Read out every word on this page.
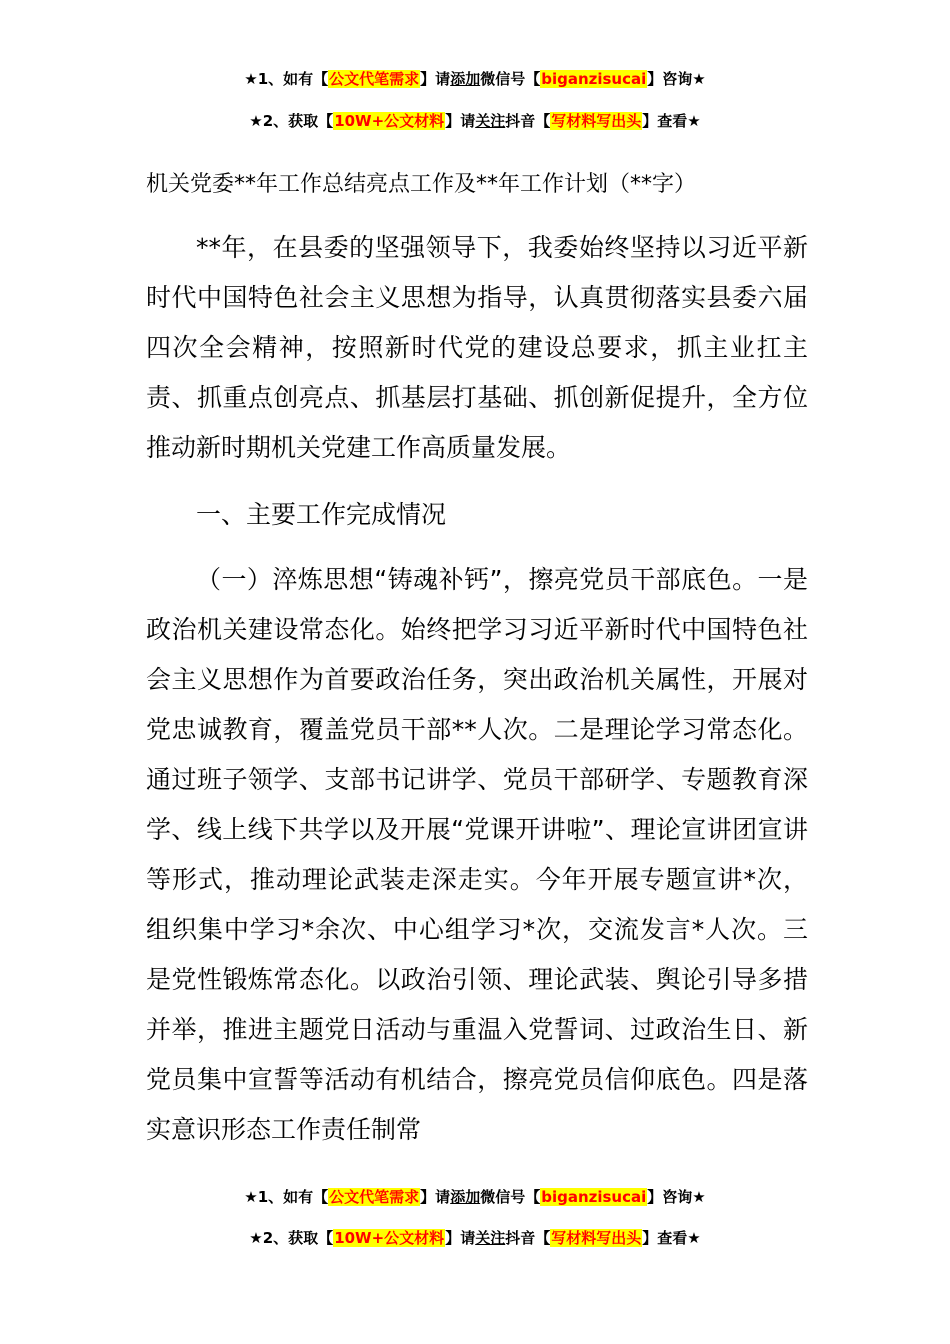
★1、如有【公文代笔需求】请添加微信号【biganzisucai】咨询★
★2、获取【10W+公文材料】请关注抖音【写材料写出头】查看★
机关党委**年工作总结亮点工作及**年工作计划（**字）

**年，在县委的坚强领导下，我委始终坚持以习近平新时代中国特色社会主义思想为指导，认真贯彻落实县委六届四次全会精神，按照新时代党的建设总要求，抓主业扛主责、抓重点创亮点、抓基层打基础、抓创新促提升，全方位推动新时期机关党建工作高质量发展。

一、主要工作完成情况

（一）淬炼思想“铸魂补钙”，擦亮党员干部底色。一是政治机关建设常态化。始终把学习习近平新时代中国特色社会主义思想作为首要政治任务，突出政治机关属性，开展对党忠诚教育，覆盖党员干部**人次。二是理论学习常态化。通过班子领学、支部书记讲学、党员干部研学、专题教育深学、线上线下共学以及开展“党课开讲啦”、理论宣讲团宣讲等形式，推动理论武装走深走实。今年开展专题宣讲*次，组织集中学习*余次、中心组学习*次，交流发言*人次。三是党性锻炼常态化。以政治引领、理论武装、舆论引导多措并举，推进主题党日活动与重温入党誓词、过政治生日、新党员集中宣誓等活动有机结合，擦亮党员信仰底色。四是落实意识形态工作责任制常

★1、如有【公文代笔需求】请添加微信号【biganzisucai】咨询★
★2、获取【10W+公文材料】请关注抖音【写材料写出头】查看★
